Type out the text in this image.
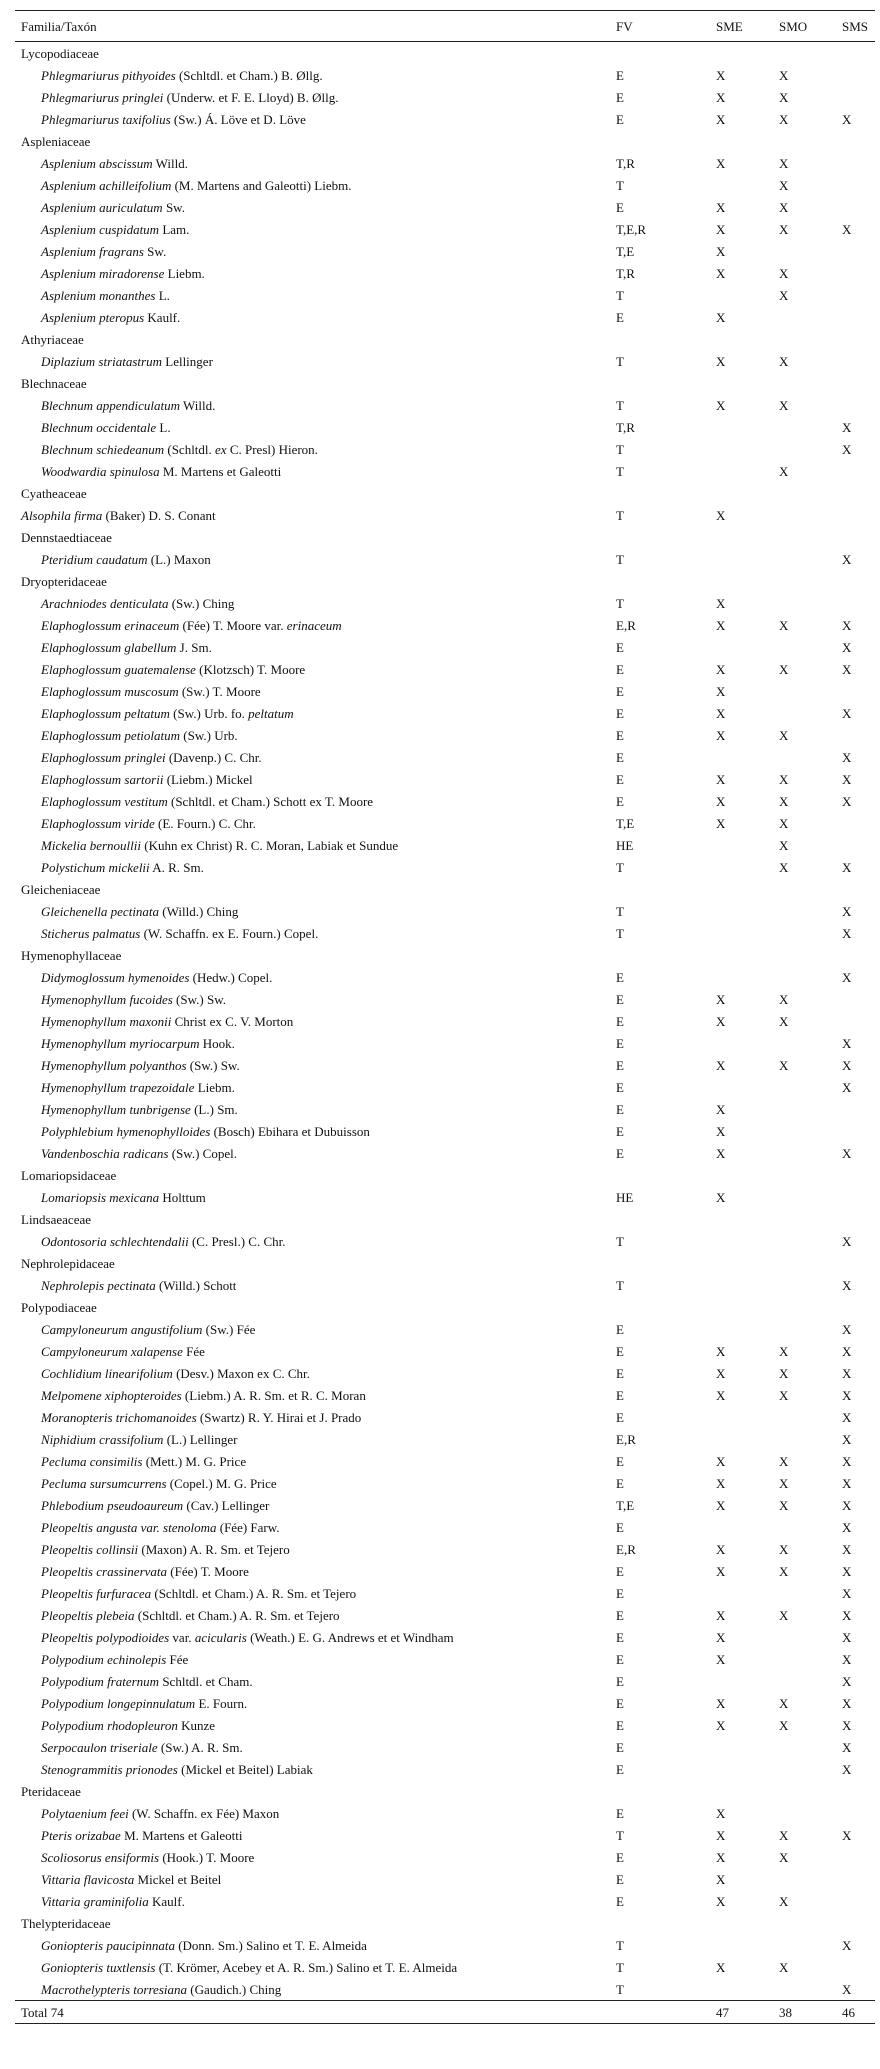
Familia/Taxón	FV	SME	SMO	SMS
Lycopodiaceae				
Phlegmariurus pithyoides (Schltdl. et Cham.) B. Øllg.	E	X	X	
Phlegmariurus pringlei (Underw. et F. E. Lloyd) B. Øllg.	E	X	X	
Phlegmariurus taxifolius (Sw.) Á. Löve et D. Löve	E	X	X	X
Aspleniaceae				
Asplenium abscissum Willd.	T,R	X	X	
Asplenium achilleifolium (M. Martens and Galeotti) Liebm.	T		X	
Asplenium auriculatum Sw.	E	X	X	
Asplenium cuspidatum Lam.	T,E,R	X	X	X
Asplenium fragrans Sw.	T,E	X		
Asplenium miradorense Liebm.	T,R	X	X	
Asplenium monanthes L.	T		X	
Asplenium pteropus Kaulf.	E	X		
Athyriaceae				
Diplazium striatastrum Lellinger	T	X	X	
Blechnaceae				
Blechnum appendiculatum Willd.	T	X	X	
Blechnum occidentale L.	T,R			X
Blechnum schiedeanum (Schltdl. ex C. Presl) Hieron.	T			X
Woodwardia spinulosa M. Martens et Galeotti	T		X	
Cyatheaceae				
Alsophila firma (Baker) D. S. Conant	T	X		
Dennstaedtiaceae				
Pteridium caudatum (L.) Maxon	T			X
Dryopteridaceae				
Arachniodes denticulata (Sw.) Ching	T	X		
Elaphoglossum erinaceum (Fée) T. Moore var. erinaceum	E,R	X	X	X
Elaphoglossum glabellum J. Sm.	E			X
Elaphoglossum guatemalense (Klotzsch) T. Moore	E	X	X	X
Elaphoglossum muscosum (Sw.) T. Moore	E	X		
Elaphoglossum peltatum (Sw.) Urb. fo. peltatum	E	X		X
Elaphoglossum petiolatum (Sw.) Urb.	E	X	X	
Elaphoglossum pringlei (Davenp.) C. Chr.	E			X
Elaphoglossum sartorii (Liebm.) Mickel	E	X	X	X
Elaphoglossum vestitum (Schltdl. et Cham.) Schott ex T. Moore	E	X	X	X
Elaphoglossum viride (E. Fourn.) C. Chr.	T,E	X	X	
Mickelia bernoullii (Kuhn ex Christ) R. C. Moran, Labiak et Sundue	HE		X	
Polystichum mickelii A. R. Sm.	T		X	X
Gleicheniaceae				
Gleichenella pectinata (Willd.) Ching	T			X
Sticherus palmatus (W. Schaffn. ex E. Fourn.) Copel.	T			X
Hymenophyllaceae				
Didymoglossum hymenoides (Hedw.) Copel.	E			X
Hymenophyllum fucoides (Sw.) Sw.	E	X	X	
Hymenophyllum maxonii Christ ex C. V. Morton	E	X	X	
Hymenophyllum myriocarpum Hook.	E			X
Hymenophyllum polyanthos (Sw.) Sw.	E	X	X	X
Hymenophyllum trapezoidale Liebm.	E			X
Hymenophyllum tunbrigense (L.) Sm.	E	X		
Polyphlebium hymenophylloides (Bosch) Ebihara et Dubuisson	E	X		
Vandenboschia radicans (Sw.) Copel.	E	X		X
Lomariopsidaceae				
Lomariopsis mexicana Holttum	HE	X		
Lindsaeaceae				
Odontosoria schlechtendalii (C. Presl.) C. Chr.	T			X
Nephrolepidaceae				
Nephrolepis pectinata (Willd.) Schott	T			X
Polypodiaceae				
Campyloneurum angustifolium (Sw.) Fée	E			X
Campyloneurum xalapense Fée	E	X	X	X
Cochlidium linearifolium (Desv.) Maxon ex C. Chr.	E	X	X	X
Melpomene xiphopteroides (Liebm.) A. R. Sm. et R. C. Moran	E	X	X	X
Moranopteris trichomanoides (Swartz) R. Y. Hirai et J. Prado	E			X
Niphidium crassifolium (L.) Lellinger	E,R			X
Pecluma consimilis (Mett.) M. G. Price	E	X	X	X
Pecluma sursumcurrens (Copel.) M. G. Price	E	X	X	X
Phlebodium pseudoaureum (Cav.) Lellinger	T,E	X	X	X
Pleopeltis angusta var. stenoloma (Fée) Farw.	E			X
Pleopeltis collinsii (Maxon) A. R. Sm. et Tejero	E,R	X	X	X
Pleopeltis crassinervata (Fée) T. Moore	E	X	X	X
Pleopeltis furfuracea (Schltdl. et Cham.) A. R. Sm. et Tejero	E			X
Pleopeltis plebeia (Schltdl. et Cham.) A. R. Sm. et Tejero	E	X	X	X
Pleopeltis polypodioides var. acicularis (Weath.) E. G. Andrews et et Windham	E	X		X
Polypodium echinolepis Fée	E	X		X
Polypodium fraternum Schltdl. et Cham.	E			X
Polypodium longepinnulatum E. Fourn.	E	X	X	X
Polypodium rhodopleuron Kunze	E	X	X	X
Serpocaulon triseriale (Sw.) A. R. Sm.	E			X
Stenogrammitis prionodes (Mickel et Beitel) Labiak	E			X
Pteridaceae				
Polytaenium feei (W. Schaffn. ex Fée) Maxon	E	X		
Pteris orizabae M. Martens et Galeotti	T	X	X	X
Scoliosorus ensiformis (Hook.) T. Moore	E	X	X	
Vittaria flavicosta Mickel et Beitel	E	X		
Vittaria graminifolia Kaulf.	E	X	X	
Thelypteridaceae				
Goniopteris paucipinnata (Donn. Sm.) Salino et T. E. Almeida	T			X
Goniopteris tuxtlensis (T. Krömer, Acebey et A. R. Sm.) Salino et T. E. Almeida	T	X	X	
Macrothelypteris torresiana (Gaudich.) Ching	T			X
Total 74		47	38	46
